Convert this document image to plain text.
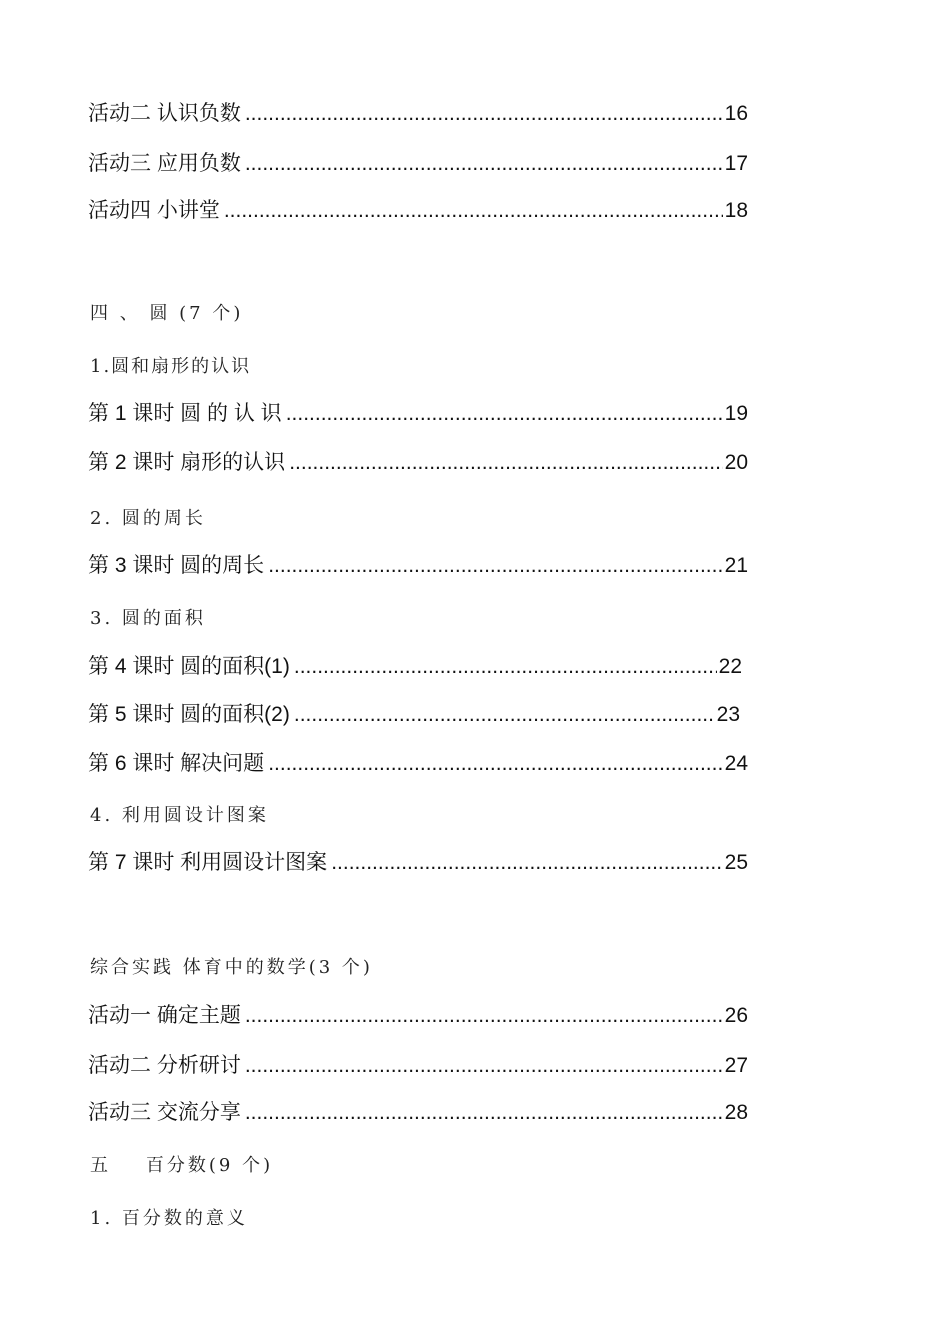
活动二 认识负数 .....	16
活动三 应用负数 .....	17
活动四 小讲堂 .....	18
四 、 圆 (7 个)
1.圆和扇形的认识
第 1 课时 圆 的 认 识 .....	19
第 2 课时 扇形的认识 .....	20
2. 圆的周长
第 3 课时 圆的周长 .....	21
3. 圆的面积
第 4 课时 圆的面积(1) .....	22
第 5 课时 圆的面积(2) .....	23
第 6 课时 解决问题 .....	24
4. 利用圆设计图案
第 7 课时 利用圆设计图案 .....	25
综合实践 体育中的数学(3 个)
活动一 确定主题 .....	26
活动二 分析研讨 .....	27
活动三 交流分享 .....	28
五    百分数(9 个)
1. 百分数的意义
